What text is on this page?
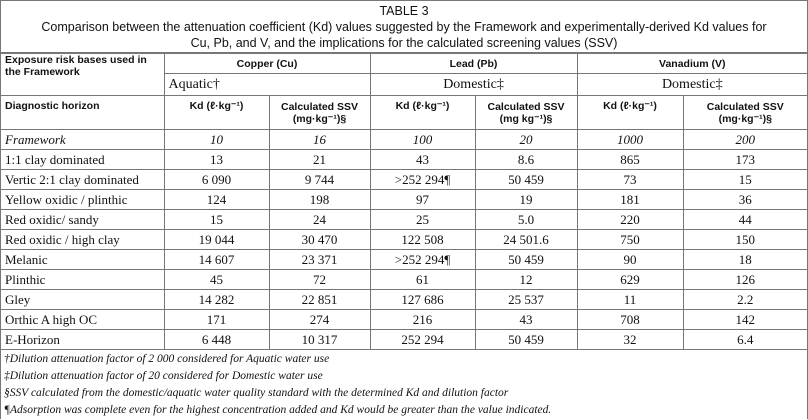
TABLE 3
Comparison between the attenuation coefficient (Kd) values suggested by the Framework and experimentally-derived Kd values for Cu, Pb, and V, and the implications for the calculated screening values (SSV)
Exposure risk bases used in the Framework	Copper (Cu)		Lead (Pb)		Vanadium (V)	
	Aquatic†		Domestic‡		Domestic‡	
Diagnostic horizon	Kd (ℓ·kg⁻¹)	Calculated SSV (mg·kg⁻¹)§	Kd (ℓ·kg⁻¹)	Calculated SSV (mg kg⁻¹)§	Kd (ℓ·kg⁻¹)	Calculated SSV (mg·kg⁻¹)§
Framework	10	16	100	20	1000	200
1:1 clay dominated	13	21	43	8.6	865	173
Vertic 2:1 clay dominated	6 090	9 744	>252 294¶	50 459	73	15
Yellow oxidic / plinthic	124	198	97	19	181	36
Red oxidic/ sandy	15	24	25	5.0	220	44
Red oxidic / high clay	19 044	30 470	122 508	24 501.6	750	150
Melanic	14 607	23 371	>252 294¶	50 459	90	18
Plinthic	45	72	61	12	629	126
Gley	14 282	22 851	127 686	25 537	11	2.2
Orthic A high OC	171	274	216	43	708	142
E-Horizon	6 448	10 317	252 294	50 459	32	6.4
†Dilution attenuation factor of 2 000 considered for Aquatic water use
‡Dilution attenuation factor of 20 considered for Domestic water use
§SSV calculated from the domestic/aquatic water quality standard with the determined Kd and dilution factor
¶Adsorption was complete even for the highest concentration added and Kd would be greater than the value indicated.
